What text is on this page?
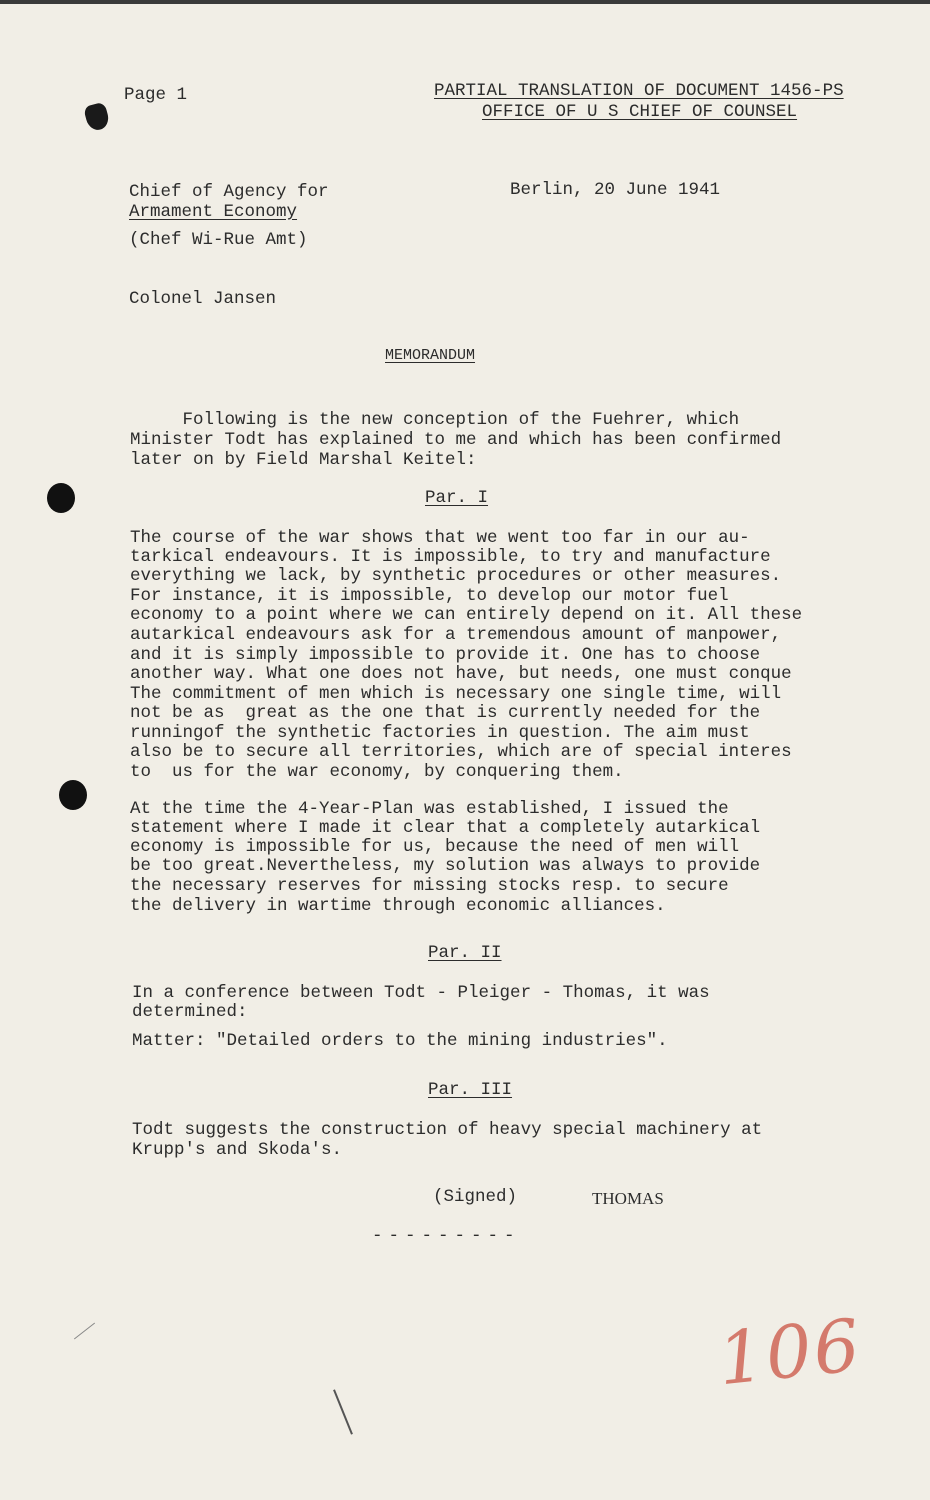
Page 1	PARTIAL TRANSLATION OF DOCUMENT 1456-PS
OFFICE OF U S CHIEF OF COUNSEL
Chief of Agency for
Armament Economy
(Chef Wi-Rue Amt)
Berlin, 20 June 1941
Colonel Jansen
MEMORANDUM
Following is the new conception of the Fuehrer, which
Minister Todt has explained to me and which has been confirmed
later on by Field Marshal Keitel:
Par. I
The course of the war shows that we went too far in our au-
tarkical endeavours. It is impossible, to try and manufacture
everything we lack, by synthetic procedures or other measures.
For instance, it is impossible, to develop our motor fuel
economy to a point where we can entirely depend on it. All these
autarkical endeavours ask for a tremendous amount of manpower,
and it is simply impossible to provide it. One has to choose
another way. What one does not have, but needs, one must conque
The commitment of men which is necessary one single time, will
not be as  great as the one that is currently needed for the
runningof the synthetic factories in question. The aim must
also be to secure all territories, which are of special interes
to  us for the war economy, by conquering them.
At the time the 4-Year-Plan was established, I issued the
statement where I made it clear that a completely autarkical
economy is impossible for us, because the need of men will
be too great.Nevertheless, my solution was always to provide
the necessary reserves for missing stocks resp. to secure
the delivery in wartime through economic alliances.
Par. II
In a conference between Todt - Pleiger - Thomas, it was
determined:
Matter: "Detailed orders to the mining industries".
Par. III
Todt suggests the construction of heavy special machinery at
Krupp's and Skoda's.
(Signed)	THOMAS
---------
106
